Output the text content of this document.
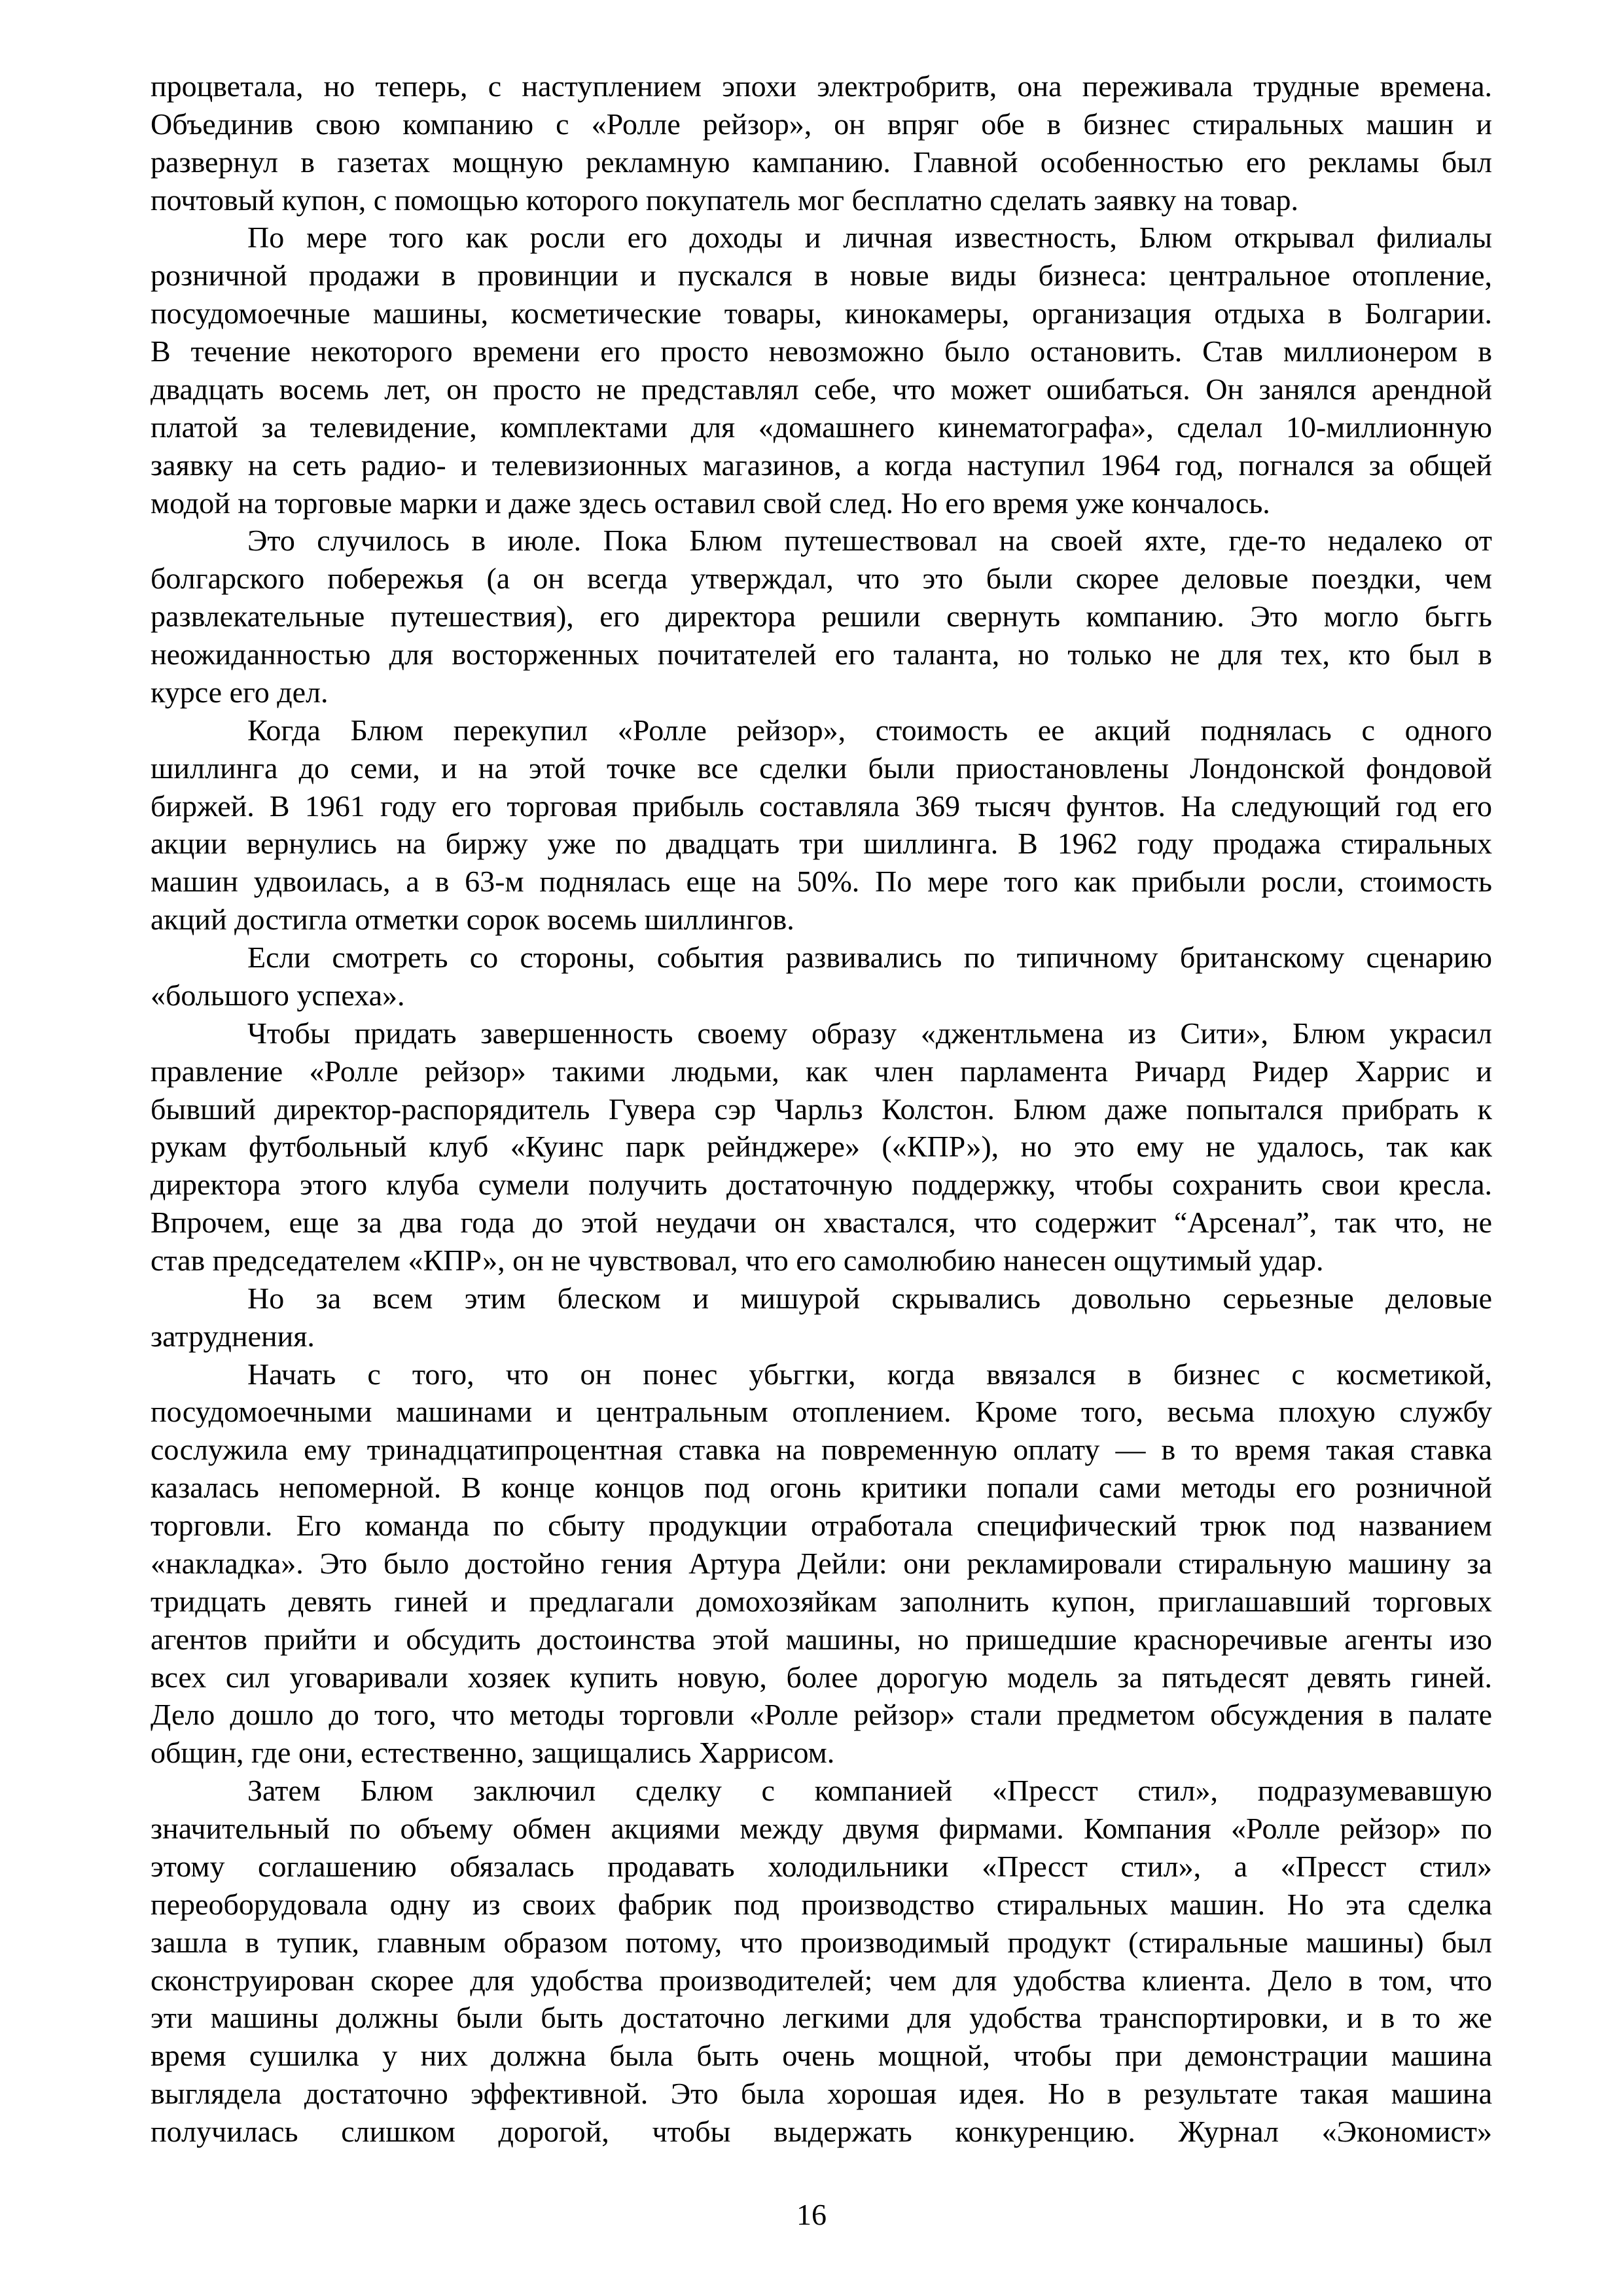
процветала, но теперь, с наступлением эпохи электробритв, она переживала трудные времена.
Объединив свою компанию с «Ролле рейзор», он впряг обе в бизнес стиральных машин и
развернул в газетах мощную рекламную кампанию. Главной особенностью его рекламы был
почтовый купон, с помощью которого покупатель мог бесплатно сделать заявку на товар.
По мере того как росли его доходы и личная известность, Блюм открывал филиалы
розничной продажи в провинции и пускался в новые виды бизнеса: центральное отопление,
посудомоечные машины, косметические товары, кинокамеры, организация отдыха в Болгарии.
В течение некоторого времени его просто невозможно было остановить. Став миллионером в
двадцать восемь лет, он просто не представлял себе, что может ошибаться. Он занялся арендной
платой за телевидение, комплектами для «домашнего кинематографа», сделал 10-миллионную
заявку на сеть радио- и телевизионных магазинов, а когда наступил 1964 год, погнался за общей
модой на торговые марки и даже здесь оставил свой след. Но его время уже кончалось.
Это случилось в июле. Пока Блюм путешествовал на своей яхте, где-то недалеко от
болгарского побережья (а он всегда утверждал, что это были скорее деловые поездки, чем
развлекательные путешествия), его директора решили свернуть компанию. Это могло бьггь
неожиданностью для восторженных почитателей его таланта, но только не для тех, кто был в
курсе его дел.
Когда Блюм перекупил «Ролле рейзор», стоимость ее акций поднялась с одного
шиллинга до семи, и на этой точке все сделки были приостановлены Лондонской фондовой
биржей. В 1961 году его торговая прибыль составляла 369 тысяч фунтов. На следующий год его
акции вернулись на биржу уже по двадцать три шиллинга. В 1962 году продажа стиральных
машин удвоилась, а в 63-м поднялась еще на 50%. По мере того как прибыли росли, стоимость
акций достигла отметки сорок восемь шиллингов.
Если смотреть со стороны, события развивались по типичному британскому сценарию
«большого успеха».
Чтобы придать завершенность своему образу «джентльмена из Сити», Блюм украсил
правление «Ролле рейзор» такими людьми, как член парламента Ричард Ридер Харрис и
бывший директор-распорядитель Гувера сэр Чарльз Колстон. Блюм даже попытался прибрать к
рукам футбольный клуб «Куинс парк рейнджере» («КПР»), но это ему не удалось, так как
директора этого клуба сумели получить достаточную поддержку, чтобы сохранить свои кресла.
Впрочем, еще за два года до этой неудачи он хвастался, что содержит “Арсенал”, так что, не
став председателем «КПР», он не чувствовал, что его самолюбию нанесен ощутимый удар.
Но за всем этим блеском и мишурой скрывались довольно серьезные деловые
затруднения.
Начать с того, что он понес убьггки, когда ввязался в бизнес с косметикой,
посудомоечными машинами и центральным отоплением. Кроме того, весьма плохую службу
сослужила ему тринадцатипроцентная ставка на повременную оплату — в то время такая ставка
казалась непомерной. В конце концов под огонь критики попали сами методы его розничной
торговли. Его команда по сбыту продукции отработала специфический трюк под названием
«накладка». Это было достойно гения Артура Дейли: они рекламировали стиральную машину за
тридцать девять гиней и предлагали домохозяйкам заполнить купон, приглашавший торговых
агентов прийти и обсудить достоинства этой машины, но пришедшие красноречивые агенты изо
всех сил уговаривали хозяек купить новую, более дорогую модель за пятьдесят девять гиней.
Дело дошло до того, что методы торговли «Ролле рейзор» стали предметом обсуждения в палате
общин, где они, естественно, защищались Харрисом.
Затем Блюм заключил сделку с компанией «Пресст стил», подразумевавшую
значительный по объему обмен акциями между двумя фирмами. Компания «Ролле рейзор» по
этому соглашению обязалась продавать холодильники «Пресст стил», а «Пресст стил»
переоборудовала одну из своих фабрик под производство стиральных машин. Но эта сделка
зашла в тупик, главным образом потому, что производимый продукт (стиральные машины) был
сконструирован скорее для удобства производителей; чем для удобства клиента. Дело в том, что
эти машины должны были быть достаточно легкими для удобства транспортировки, и в то же
время сушилка у них должна была быть очень мощной, чтобы при демонстрации машина
выглядела достаточно эффективной. Это была хорошая идея. Но в результате такая машина
получилась слишком дорогой, чтобы выдержать конкуренцию. Журнал «Экономист»
16
